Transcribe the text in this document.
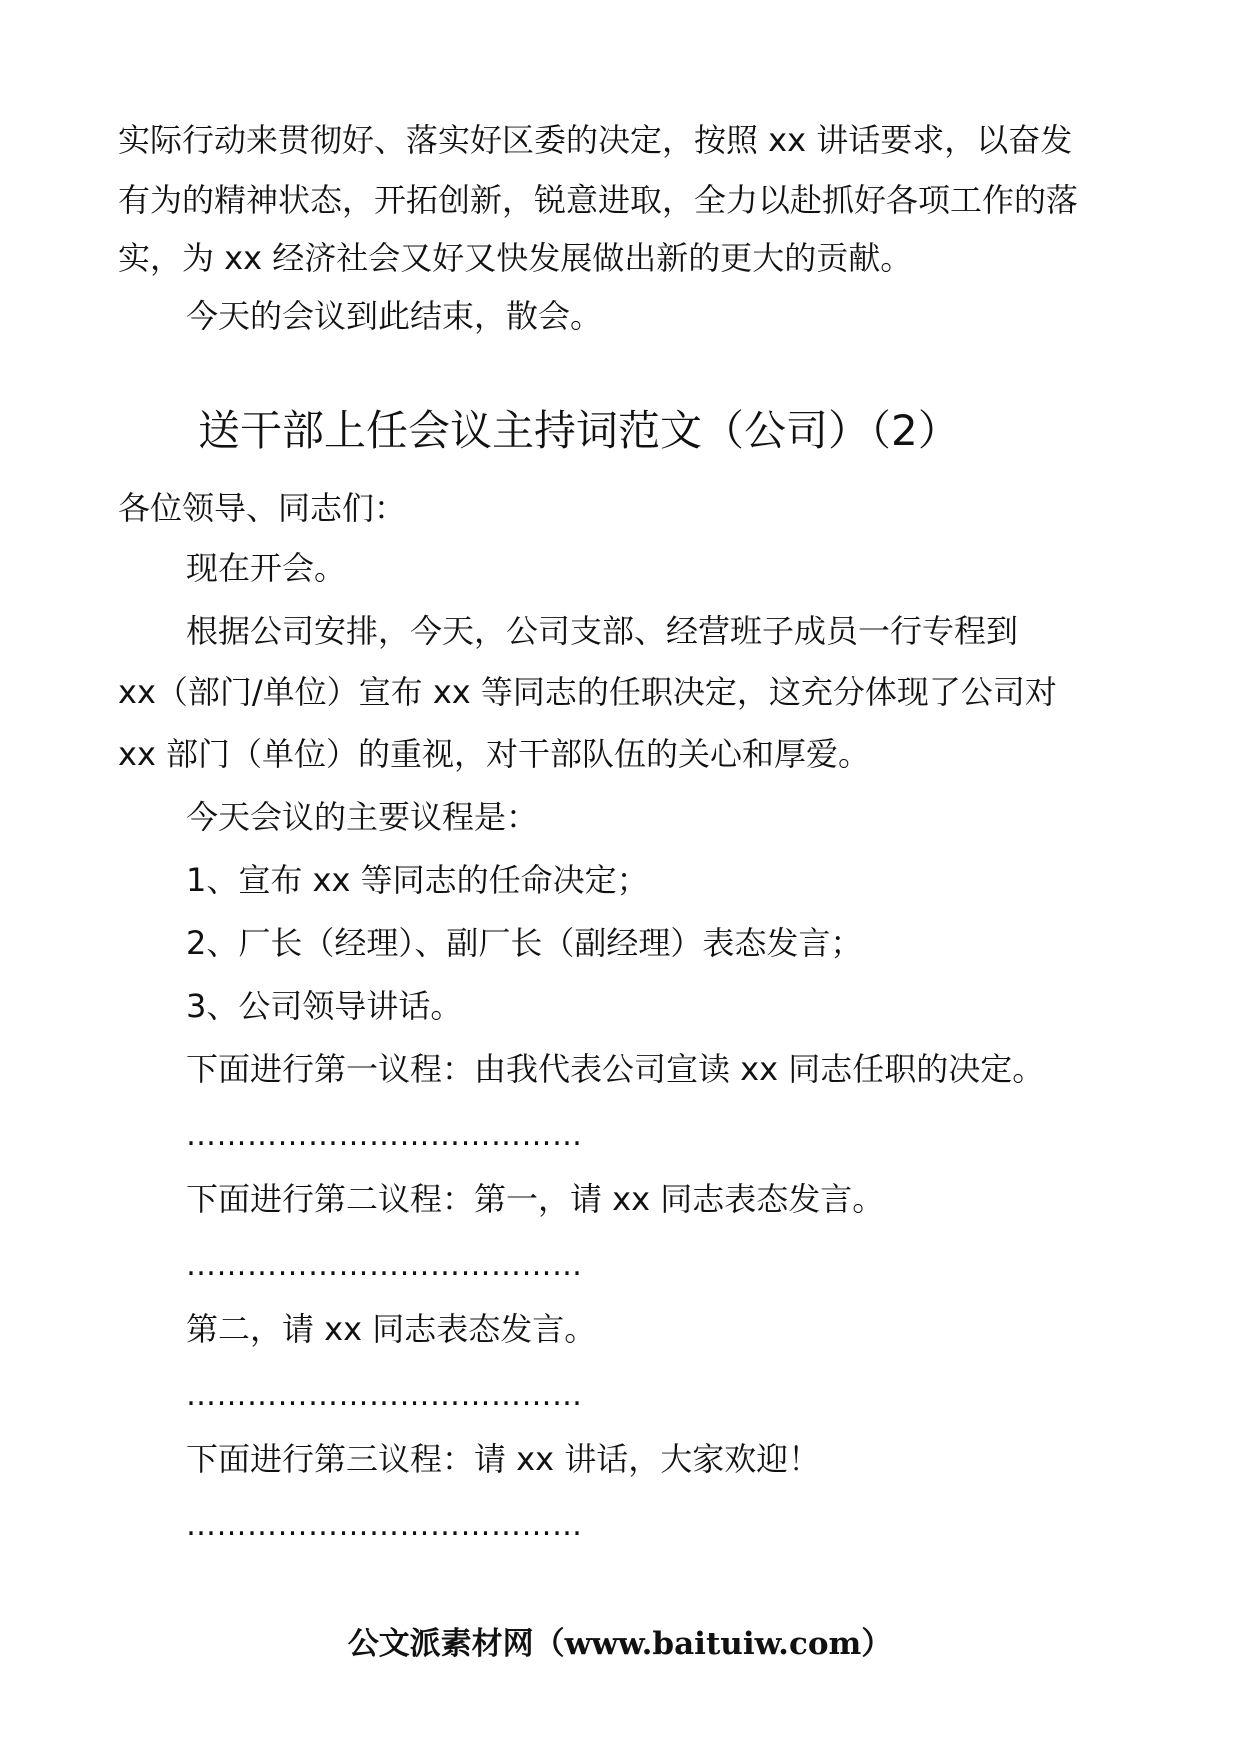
实际行动来贯彻好、落实好区委的决定，按照 xx 讲话要求，以奋发
有为的精神状态，开拓创新，锐意进取，全力以赴抓好各项工作的落
实，为 xx 经济社会又好又快发展做出新的更大的贡献。
今天的会议到此结束，散会。
送干部上任会议主持词范文（公司）（2）
各位领导、同志们：
现在开会。
根据公司安排，今天，公司支部、经营班子成员一行专程到
xx（部门/单位）宣布 xx 等同志的任职决定，这充分体现了公司对
xx 部门（单位）的重视，对干部队伍的关心和厚爱。
今天会议的主要议程是：
1、宣布 xx 等同志的任命决定；
2、厂长（经理）、副厂长（副经理）表态发言；
3、公司领导讲话。
下面进行第一议程：由我代表公司宣读 xx 同志任职的决定。
…………………………………
下面进行第二议程：第一，请 xx 同志表态发言。
…………………………………
第二，请 xx 同志表态发言。
…………………………………
下面进行第三议程：请 xx 讲话，大家欢迎！
…………………………………
公文派素材网（www.baituiw.com）
